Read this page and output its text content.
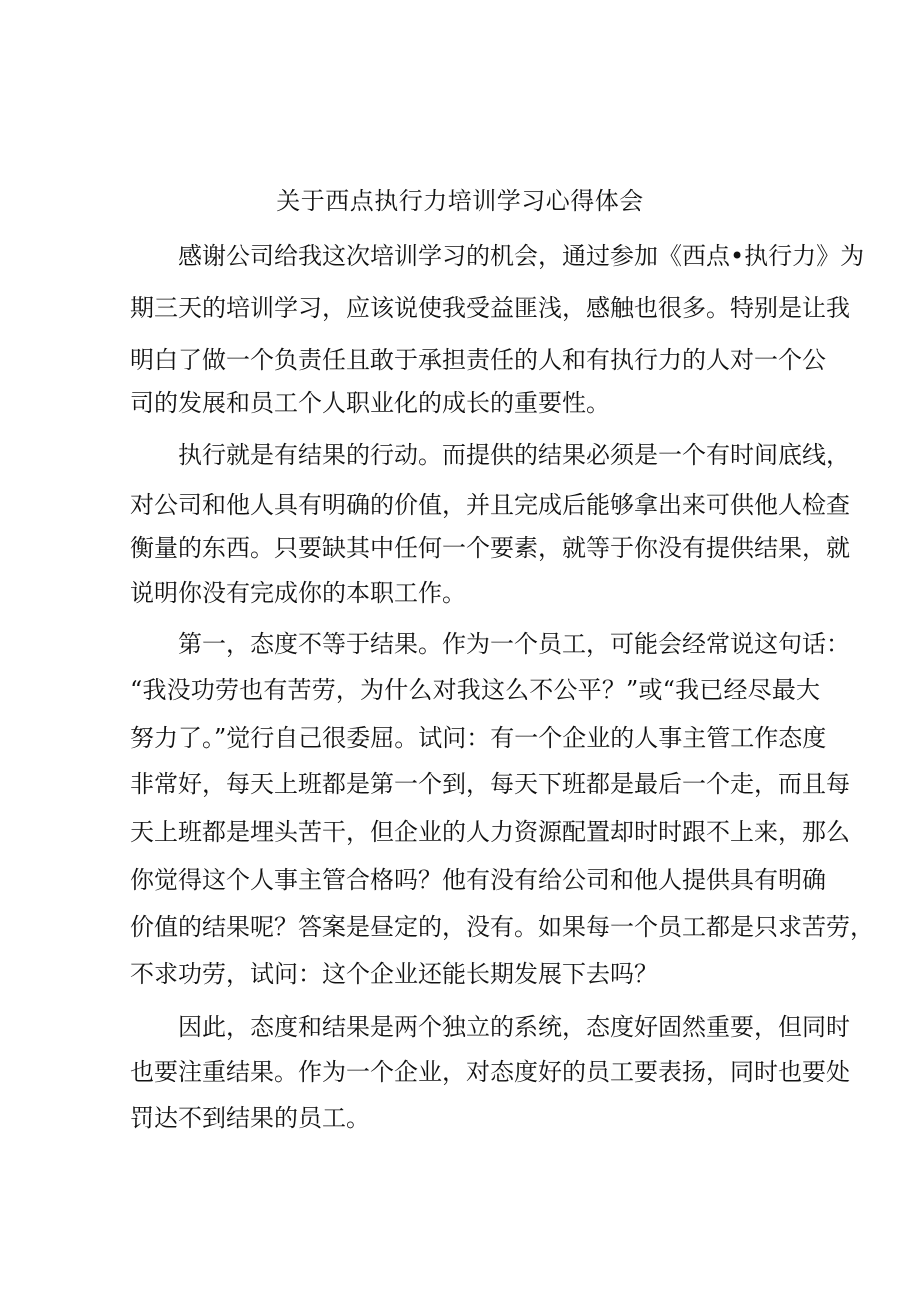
关于西点执行力培训学习心得体会
感谢公司给我这次培训学习的机会，通过参加《西点•执行力》为
期三天的培训学习，应该说使我受益匪浅，感触也很多。特别是让我
明白了做一个负责任且敢于承担责任的人和有执行力的人对一个公
司的发展和员工个人职业化的成长的重要性。
执行就是有结果的行动。而提供的结果必须是一个有时间底线，
对公司和他人具有明确的价值，并且完成后能够拿出来可供他人检查
衡量的东西。只要缺其中任何一个要素，就等于你没有提供结果，就
说明你没有完成你的本职工作。
第一，态度不等于结果。作为一个员工，可能会经常说这句话：
“我没功劳也有苦劳，为什么对我这么不公平？”或“我已经尽最大
努力了。”觉行自己很委屈。试问：有一个企业的人事主管工作态度
非常好，每天上班都是第一个到，每天下班都是最后一个走，而且每
天上班都是埋头苦干，但企业的人力资源配置却时时跟不上来，那么
你觉得这个人事主管合格吗？他有没有给公司和他人提供具有明确
价值的结果呢？答案是昼定的，没有。如果每一个员工都是只求苦劳，
不求功劳，试问：这个企业还能长期发展下去吗？
因此，态度和结果是两个独立的系统，态度好固然重要，但同时
也要注重结果。作为一个企业，对态度好的员工要表扬，同时也要处
罚达不到结果的员工。
